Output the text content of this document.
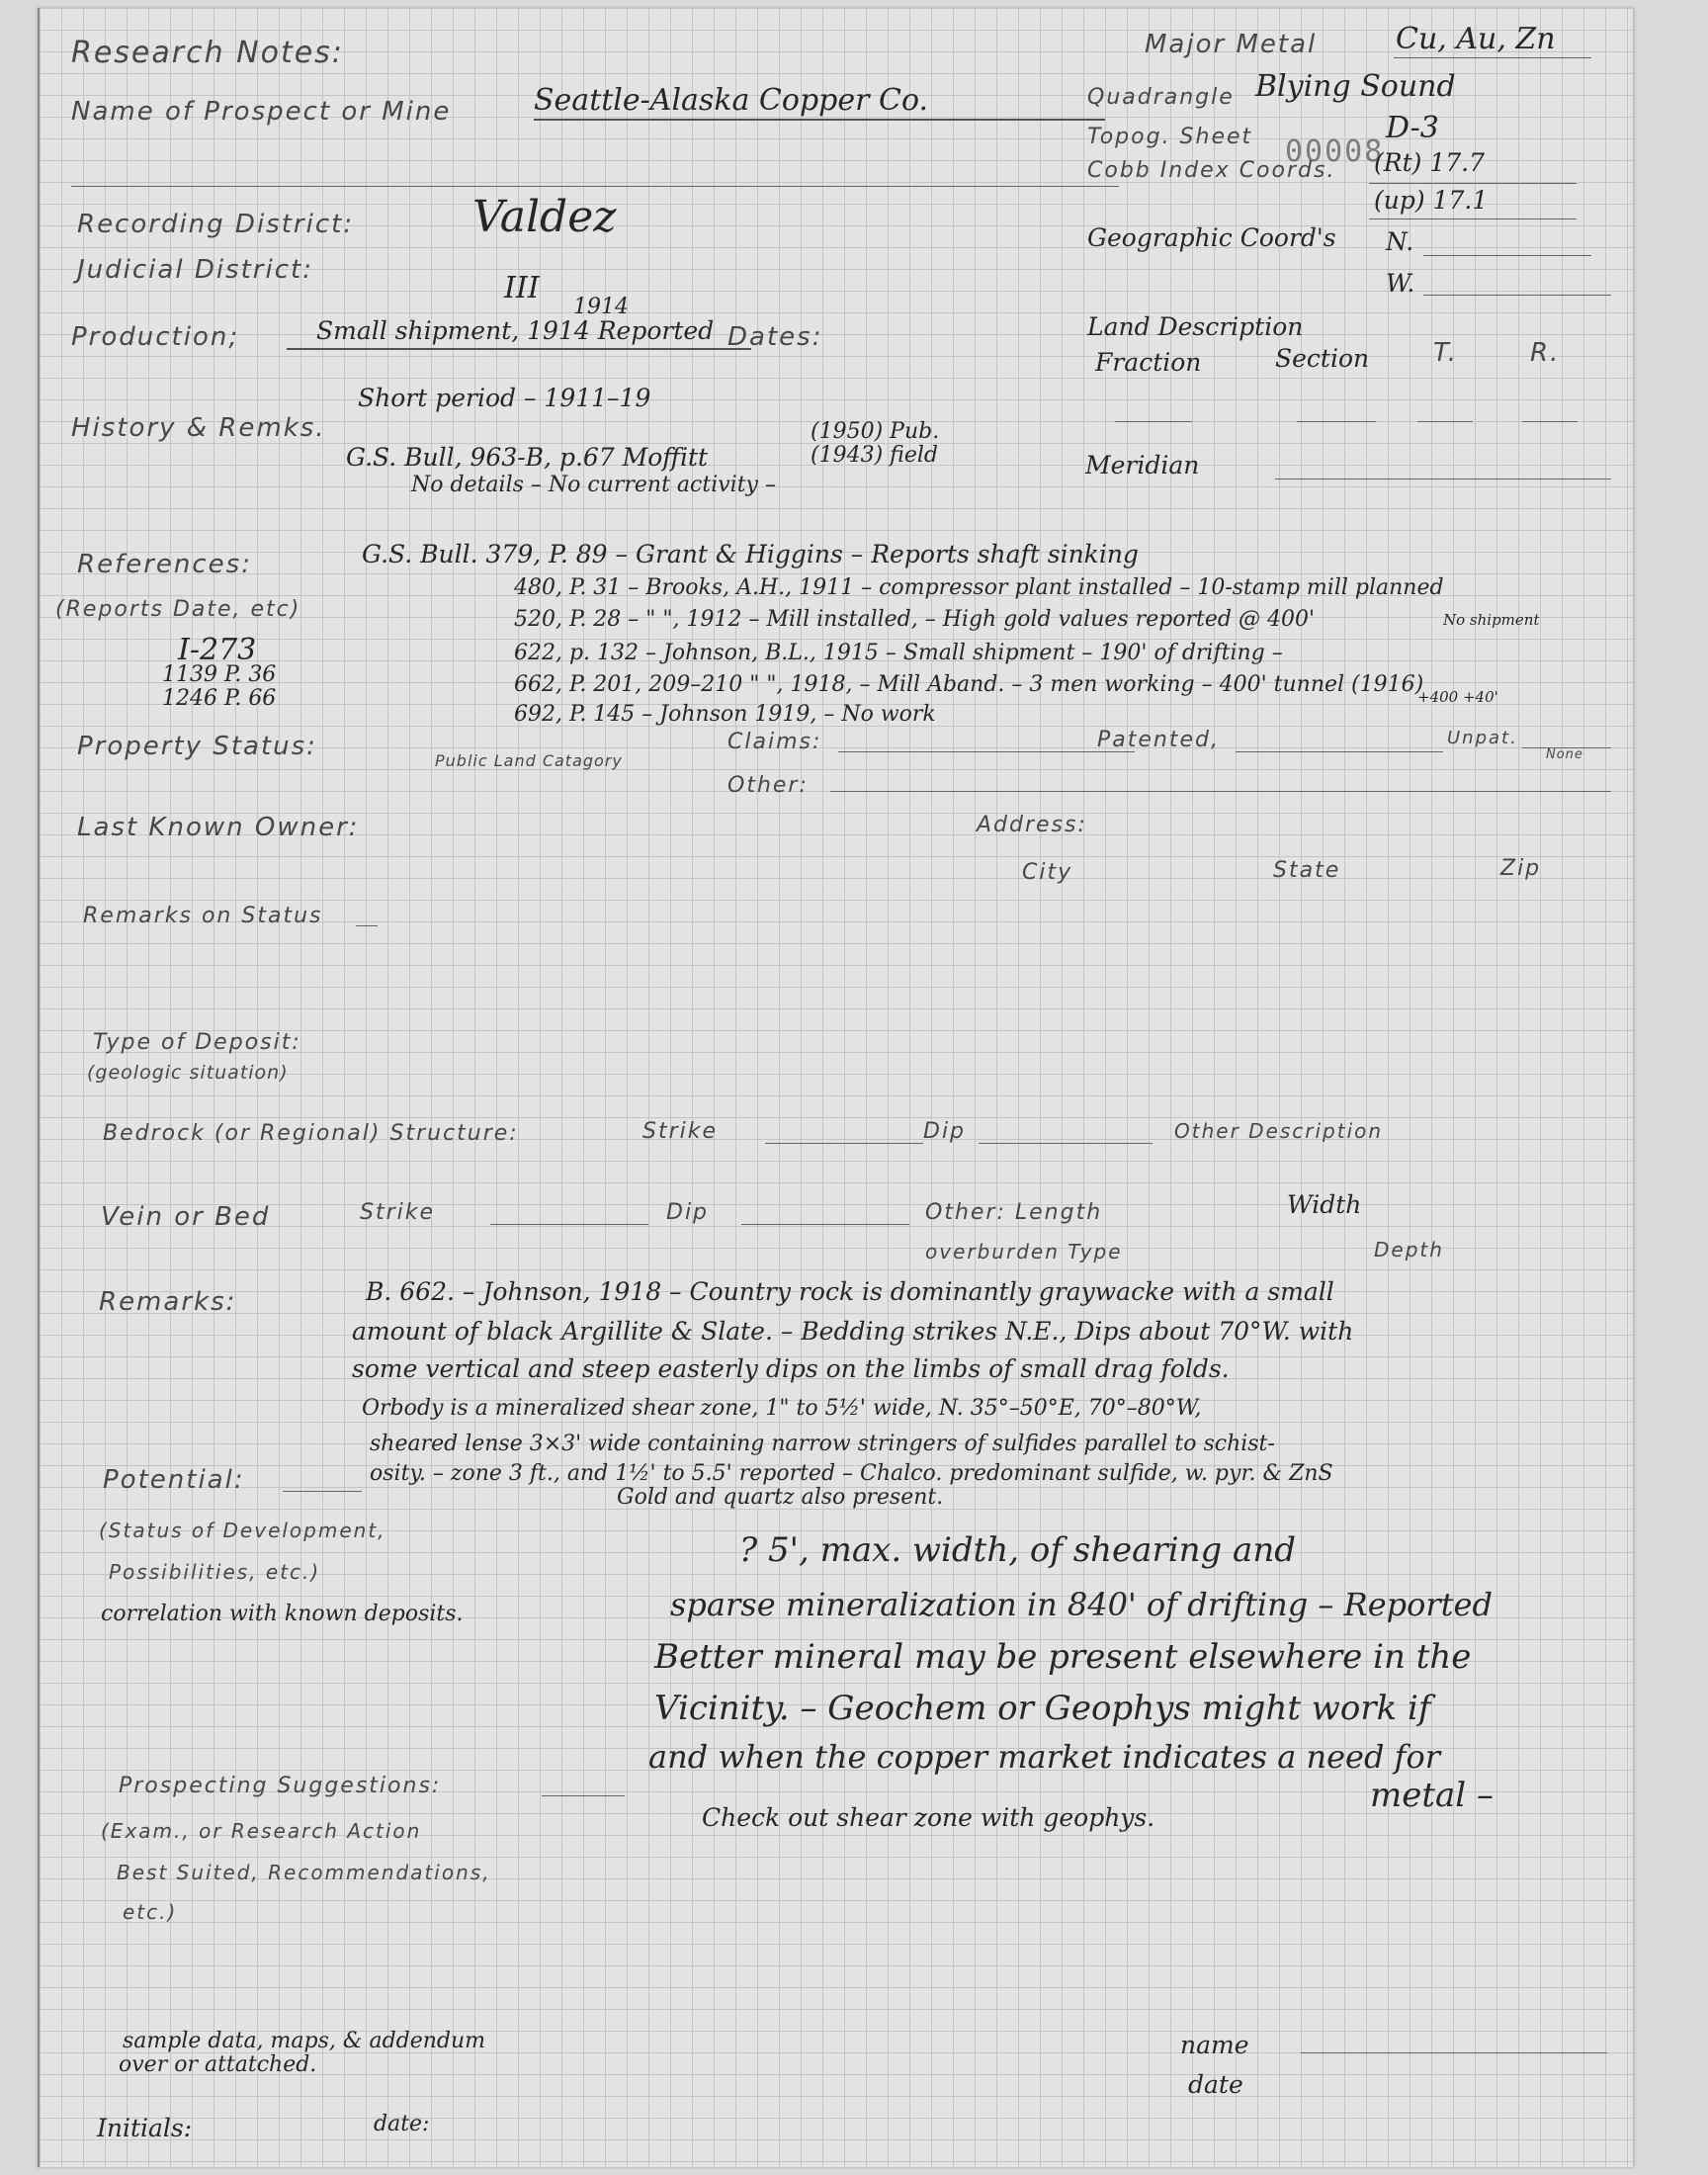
Research Notes:
Name of Prospect or Mine	Seattle-Alaska Copper Co.
Major Metal	Cu, Au, Zn
Quadrangle Blying Sound
Topog. Sheet	D-3
00008
Cobb Index Coords. (Rt) 17.7
(up) 17.1
Geographic Coord's N.
W.
Recording District:	Valdez
Judicial District:
III
Production;	Small shipment, 1914 Reported
1914
Dates:	Land Description
Fraction	Section T.	R.
Meridian
History & Remks.
Short period – 1911–19
(1950) Pub.
(1943) field
G.S. Bull, 963-B, p.67 Moffitt
No details – No current activity –
References:
(Reports Date, etc)
I-273
1139 P. 36
1246 P. 66
G.S. Bull. 379, P. 89 – Grant & Higgins – Reports shaft sinking
480, P. 31 – Brooks, A.H., 1911 – compressor plant installed – 10-stamp mill planned
520, P. 28 – " ", 1912 – Mill installed, – High gold values reported @ 400'	No shipment
622, p. 132 – Johnson, B.L., 1915 – Small shipment – 190' of drifting –
662, P. 201, 209–210 " ", 1918, – Mill Aband. – 3 men working – 400' tunnel (1916)
+400 +40'
692, P. 145 – Johnson 1919, – No work
Property Status:	Public Land Catagory
Claims:	Patented,	Unpat.
None
Other:
Last Known Owner:	Address:
City	State	Zip
Remarks on Status
Type of Deposit:
(geologic situation)
Bedrock (or Regional) Structure:	Strike	Dip	Other Description
Vein or Bed	Strike	Dip	Other: Length	Width
overburden Type	Depth
Remarks:	B. 662. – Johnson, 1918 – Country rock is dominantly graywacke with a small
amount of black Argillite & Slate. – Bedding strikes N.E., Dips about 70°W. with
some vertical and steep easterly dips on the limbs of small drag folds.
Orbody is a mineralized shear zone, 1" to 5½' wide, N. 35°–50°E, 70°–80°W,
sheared lense 3×3' wide containing narrow stringers of sulfides parallel to schist-
osity. – zone 3 ft., and 1½' to 5.5' reported – Chalco. predominant sulfide, w. pyr. & ZnS
Gold and quartz also present.
Potential:
(Status of Development,
Possibilities, etc.)
correlation with known deposits.
? 5', max. width, of shearing and
sparse mineralization in 840' of drifting – Reported
Better mineral may be present elsewhere in the
Vicinity. – Geochem or Geophys might work if
and when the copper market indicates a need for
metal –
Prospecting Suggestions:
(Exam., or Research Action
Best Suited, Recommendations,
etc.)
Check out shear zone with geophys.
sample data, maps, & addendum
over or attatched.
name
date
Initials:	date:
